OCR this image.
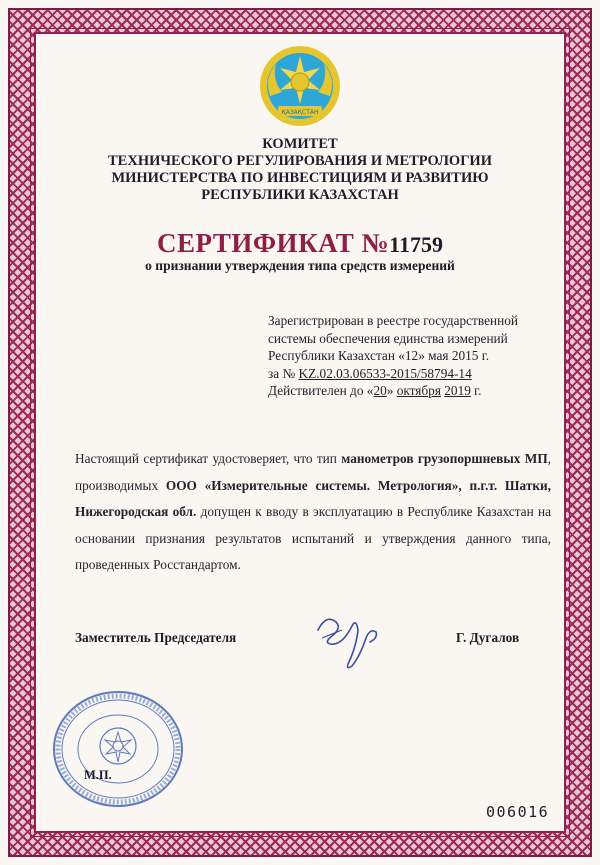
ҚАЗАҚСТАН
КОМИТЕТ
ТЕХНИЧЕСКОГО РЕГУЛИРОВАНИЯ И МЕТРОЛОГИИ
МИНИСТЕРСТВА ПО ИНВЕСТИЦИЯМ И РАЗВИТИЮ
РЕСПУБЛИКИ КАЗАХСТАН
СЕРТИФИКАТ №11759
о признании утверждения типа средств измерений
Зарегистрирован в реестре государственной
системы обеспечения единства измерений
Республики Казахстан «12» мая 2015 г.
за № KZ.02.03.06533-2015/58794-14
Действителен до «20» октября 2019 г.
Настоящий сертификат удостоверяет, что тип манометров грузопоршневых МП, производимых ООО «Измерительные системы. Метрология», п.г.т. Шатки, Нижегородская обл. допущен к вводу в эксплуатацию в Республике Казахстан на основании признания результатов испытаний и утверждения данного типа, проведенных Росстандартом.
Заместитель Председателя	Г. Дугалов
М.П.
006016
